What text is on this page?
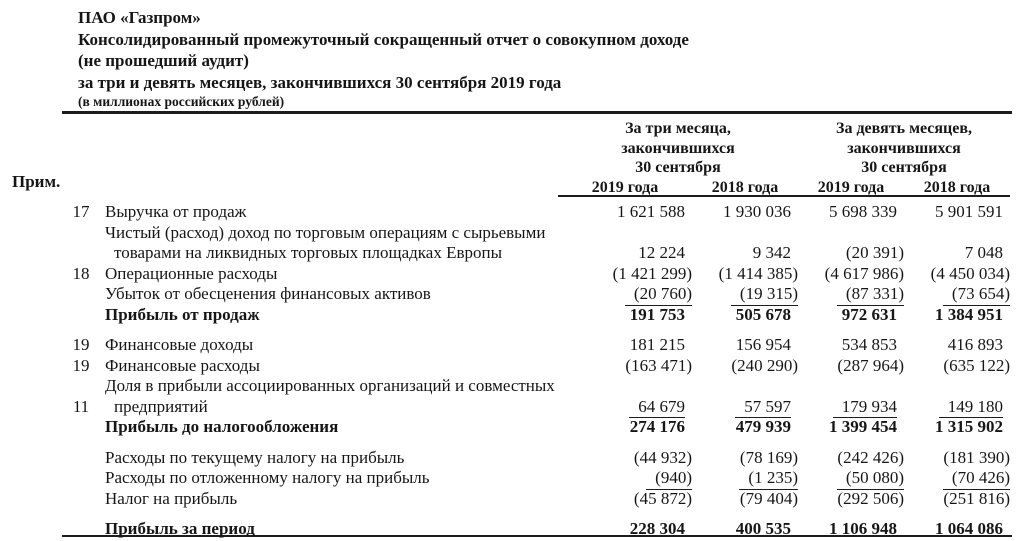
ПАО «Газпром»
Консолидированный промежуточный сокращенный отчет о совокупном доходе
(не прошедший аудит)
за три и девять месяцев, закончившихся 30 сентября 2019 года
(в миллионах российских рублей)
Прим.
За три месяца,
закончившихся
30 сентября
За девять месяцев,
закончившихся
30 сентября
2019 года	2018 года	2019 года	2018 года
17 Выручка от продаж	1 621 588	1 930 036	5 698 339	5 901 591
Чистый (расход) доход по торговым операциям с сырьевыми
товарами на ликвидных торговых площадках Европы	12 224	9 342	(20 391)	7 048
18 Операционные расходы	(1 421 299)	(1 414 385)	(4 617 986)	(4 450 034)
Убыток от обесценения финансовых активов	(20 760)	(19 315)	(87 331)	(73 654)
Прибыль от продаж	191 753	505 678	972 631	1 384 951
19 Финансовые доходы	181 215	156 954	534 853	416 893
19 Финансовые расходы	(163 471)	(240 290)	(287 964)	(635 122)
Доля в прибыли ассоциированных организаций и совместных
11	предприятий	64 679	57 597	179 934	149 180
Прибыль до налогообложения	274 176	479 939	1 399 454	1 315 902
Расходы по текущему налогу на прибыль	(44 932)	(78 169)	(242 426)	(181 390)
Расходы по отложенному налогу на прибыль	(940)	(1 235)	(50 080)	(70 426)
Налог на прибыль	(45 872)	(79 404)	(292 506)	(251 816)
Прибыль за период	228 304	400 535	1 106 948	1 064 086
